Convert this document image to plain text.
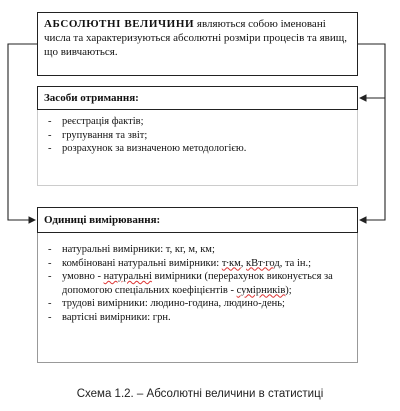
АБСОЛЮТНІ ВЕЛИЧИНИ являються собою іменовані числа та характеризуються абсолютні розміри процесів та явищ, що вивчаються.
Засоби отримання:
- реєстрація фактів;
- групування та звіт;
- розрахунок за визначеною методологією.
Одиниці вимірювання:
- натуральні вимірники: т, кг, м, км;
- комбіновані натуральні вимірники: т∙км, кВт∙год, та ін.;
- умовно - натуральні вимірники (перерахунок виконується за допомогою спеціальних коефіцієнтів - сумірників);
- трудові вимірники: людино-година, людино-день;
- вартісні вимірники: грн.
Схема 1.2. – Абсолютні величини в статистиці
